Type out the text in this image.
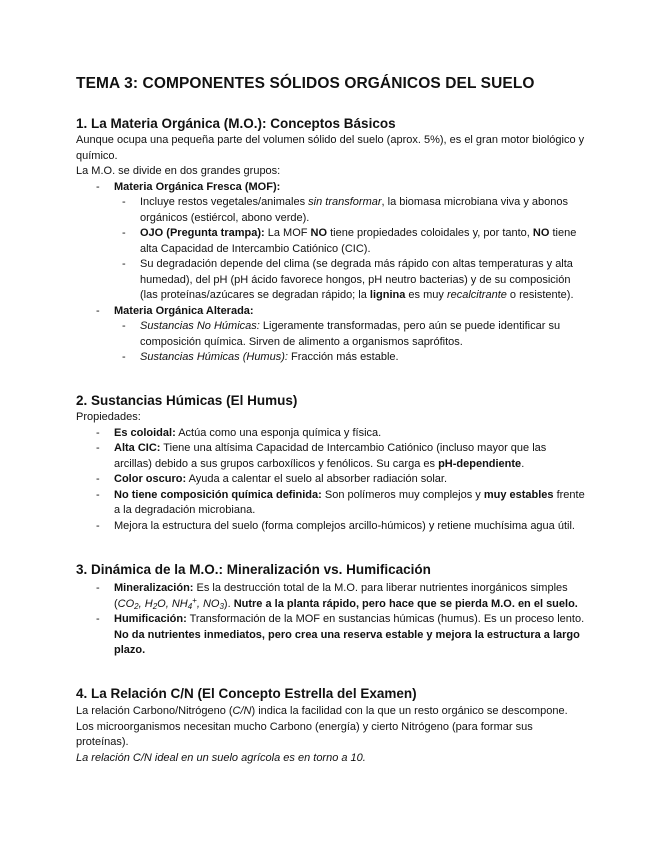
TEMA 3: COMPONENTES SÓLIDOS ORGÁNICOS DEL SUELO
1. La Materia Orgánica (M.O.): Conceptos Básicos

Aunque ocupa una pequeña parte del volumen sólido del suelo (aprox. 5%), es el gran motor biológico y químico.

La M.O. se divide en dos grandes grupos:

- Materia Orgánica Fresca (MOF):
- Incluye restos vegetales/animales sin transformar, la biomasa microbiana viva y abonos orgánicos (estiércol, abono verde).
- OJO (Pregunta trampa): La MOF NO tiene propiedades coloidales y, por tanto, NO tiene alta Capacidad de Intercambio Catiónico (CIC).
- Su degradación depende del clima (se degrada más rápido con altas temperaturas y alta humedad), del pH (pH ácido favorece hongos, pH neutro bacterias) y de su composición (las proteínas/azúcares se degradan rápido; la lignina es muy recalcitrante o resistente).
- Materia Orgánica Alterada:
- Sustancias No Húmicas: Ligeramente transformadas, pero aún se puede identificar su composición química. Sirven de alimento a organismos saprófitos.
- Sustancias Húmicas (Humus): Fracción más estable.
2. Sustancias Húmicas (El Humus)

Propiedades:

- Es coloidal: Actúa como una esponja química y física.
- Alta CIC: Tiene una altísima Capacidad de Intercambio Catiónico (incluso mayor que las arcillas) debido a sus grupos carboxílicos y fenólicos. Su carga es pH-dependiente.
- Color oscuro: Ayuda a calentar el suelo al absorber radiación solar.
- No tiene composición química definida: Son polímeros muy complejos y muy estables frente a la degradación microbiana.
- Mejora la estructura del suelo (forma complejos arcillo-húmicos) y retiene muchísima agua útil.
3. Dinámica de la M.O.: Mineralización vs. Humificación
- Mineralización: Es la destrucción total de la M.O. para liberar nutrientes inorgánicos simples ($CO_2$, $H_2O$, $NH_4^+$, $NO_3$). Nutre a la planta rápido, pero hace que se pierda M.O. en el suelo.
- Humificación: Transformación de la MOF en sustancias húmicas (humus). Es un proceso lento. No da nutrientes inmediatos, pero crea una reserva estable y mejora la estructura a largo plazo.
4. La Relación C/N (El Concepto Estrella del Examen)

La relación Carbono/Nitrógeno (C/N) indica la facilidad con la que un resto orgánico se descompone. Los microorganismos necesitan mucho Carbono (energía) y cierto Nitrógeno (para formar sus proteínas).

La relación C/N ideal en un suelo agrícola es en torno a 10.
